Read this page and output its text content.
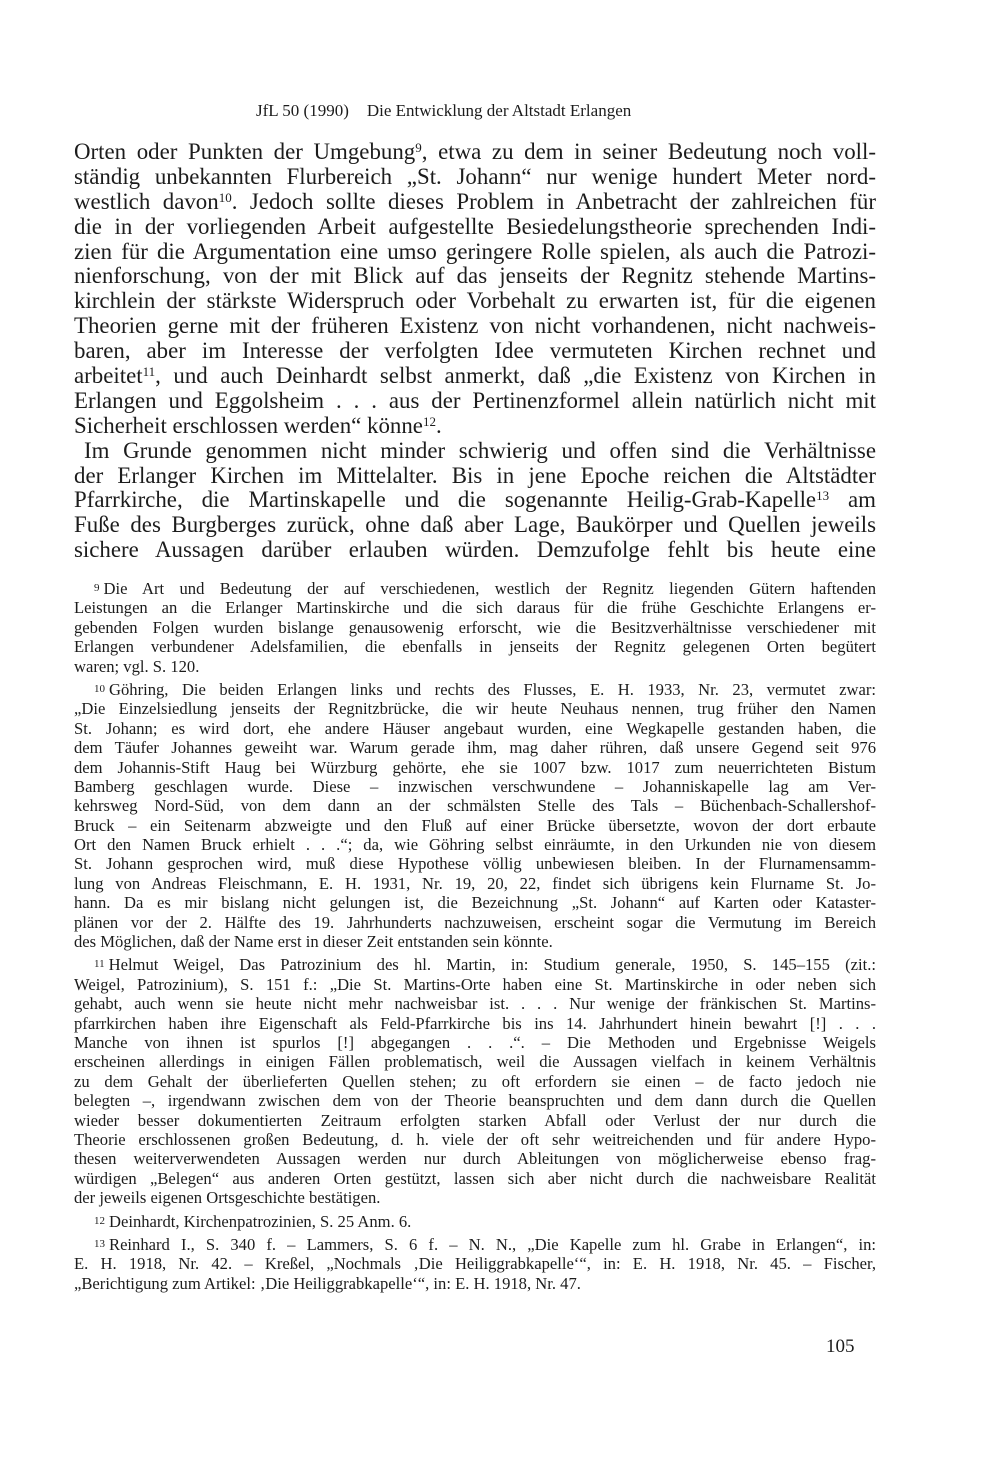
JfL 50 (1990) Die Entwicklung der Altstadt Erlangen
Orten oder Punkten der Umgebung$^9$, etwa zu dem in seiner Bedeutung noch voll-
ständig unbekannten Flurbereich „St. Johann“ nur wenige hundert Meter nord-
westlich davon$^{10}$. Jedoch sollte dieses Problem in Anbetracht der zahlreichen für
die in der vorliegenden Arbeit aufgestellte Besiedelungstheorie sprechenden Indi-
zien für die Argumentation eine umso geringere Rolle spielen, als auch die Patrozi-
nienforschung, von der mit Blick auf das jenseits der Regnitz stehende Martins-
kirchlein der stärkste Widerspruch oder Vorbehalt zu erwarten ist, für die eigenen
Theorien gerne mit der früheren Existenz von nicht vorhandenen, nicht nachweis-
baren, aber im Interesse der verfolgten Idee vermuteten Kirchen rechnet und
arbeitet$^{11}$, und auch Deinhardt selbst anmerkt, daß „die Existenz von Kirchen in
Erlangen und Eggolsheim . . . aus der Pertinenzformel allein natürlich nicht mit
Sicherheit erschlossen werden“ könne$^{12}$.
Im Grunde genommen nicht minder schwierig und offen sind die Verhältnisse
der Erlanger Kirchen im Mittelalter. Bis in jene Epoche reichen die Altstädter
Pfarrkirche, die Martinskapelle und die sogenannte Heilig-Grab-Kapelle$^{13}$ am
Fuße des Burgberges zurück, ohne daß aber Lage, Baukörper und Quellen jeweils
sichere Aussagen darüber erlauben würden. Demzufolge fehlt bis heute eine
9 Die Art und Bedeutung der auf verschiedenen, westlich der Regnitz liegenden Gütern haftenden
Leistungen an die Erlanger Martinskirche und die sich daraus für die frühe Geschichte Erlangens er-
gebenden Folgen wurden bislange genausowenig erforscht, wie die Besitzverhältnisse verschiedener mit
Erlangen verbundener Adelsfamilien, die ebenfalls in jenseits der Regnitz gelegenen Orten begütert
waren; vgl. S. 120.
10 Göhring, Die beiden Erlangen links und rechts des Flusses, E. H. 1933, Nr. 23, vermutet zwar:
„Die Einzelsiedlung jenseits der Regnitzbrücke, die wir heute Neuhaus nennen, trug früher den Namen
St. Johann; es wird dort, ehe andere Häuser angebaut wurden, eine Wegkapelle gestanden haben, die
dem Täufer Johannes geweiht war. Warum gerade ihm, mag daher rühren, daß unsere Gegend seit 976
dem Johannis-Stift Haug bei Würzburg gehörte, ehe sie 1007 bzw. 1017 zum neuerrichteten Bistum
Bamberg geschlagen wurde. Diese – inzwischen verschwundene – Johanniskapelle lag am Ver-
kehrsweg Nord-Süd, von dem dann an der schmälsten Stelle des Tals – Büchenbach-Schallershof-
Bruck – ein Seitenarm abzweigte und den Fluß auf einer Brücke übersetzte, wovon der dort erbaute
Ort den Namen Bruck erhielt . . .“; da, wie Göhring selbst einräumte, in den Urkunden nie von diesem
St. Johann gesprochen wird, muß diese Hypothese völlig unbewiesen bleiben. In der Flurnamensamm-
lung von Andreas Fleischmann, E. H. 1931, Nr. 19, 20, 22, findet sich übrigens kein Flurname St. Jo-
hann. Da es mir bislang nicht gelungen ist, die Bezeichnung „St. Johann“ auf Karten oder Kataster-
plänen vor der 2. Hälfte des 19. Jahrhunderts nachzuweisen, erscheint sogar die Vermutung im Bereich
des Möglichen, daß der Name erst in dieser Zeit entstanden sein könnte.
11 Helmut Weigel, Das Patrozinium des hl. Martin, in: Studium generale, 1950, S. 145–155 (zit.:
Weigel, Patrozinium), S. 151 f.: „Die St. Martins-Orte haben eine St. Martinskirche in oder neben sich
gehabt, auch wenn sie heute nicht mehr nachweisbar ist. . . . Nur wenige der fränkischen St. Martins-
pfarrkirchen haben ihre Eigenschaft als Feld-Pfarrkirche bis ins 14. Jahrhundert hinein bewahrt [!] . . .
Manche von ihnen ist spurlos [!] abgegangen . . .“. – Die Methoden und Ergebnisse Weigels
erscheinen allerdings in einigen Fällen problematisch, weil die Aussagen vielfach in keinem Verhältnis
zu dem Gehalt der überlieferten Quellen stehen; zu oft erfordern sie einen – de facto jedoch nie
belegten –, irgendwann zwischen dem von der Theorie beanspruchten und dem dann durch die Quellen
wieder besser dokumentierten Zeitraum erfolgten starken Abfall oder Verlust der nur durch die
Theorie erschlossenen großen Bedeutung, d. h. viele der oft sehr weitreichenden und für andere Hypo-
thesen weiterverwendeten Aussagen werden nur durch Ableitungen von möglicherweise ebenso frag-
würdigen „Belegen“ aus anderen Orten gestützt, lassen sich aber nicht durch die nachweisbare Realität
der jeweils eigenen Ortsgeschichte bestätigen.
12 Deinhardt, Kirchenpatrozinien, S. 25 Anm. 6.
13 Reinhard I., S. 340 f. – Lammers, S. 6 f. – N. N., „Die Kapelle zum hl. Grabe in Erlangen“, in:
E. H. 1918, Nr. 42. – Kreßel, „Nochmals ‚Die Heiliggrabkapelle‘“, in: E. H. 1918, Nr. 45. – Fischer,
„Berichtigung zum Artikel: ‚Die Heiliggrabkapelle‘“, in: E. H. 1918, Nr. 47.
105
